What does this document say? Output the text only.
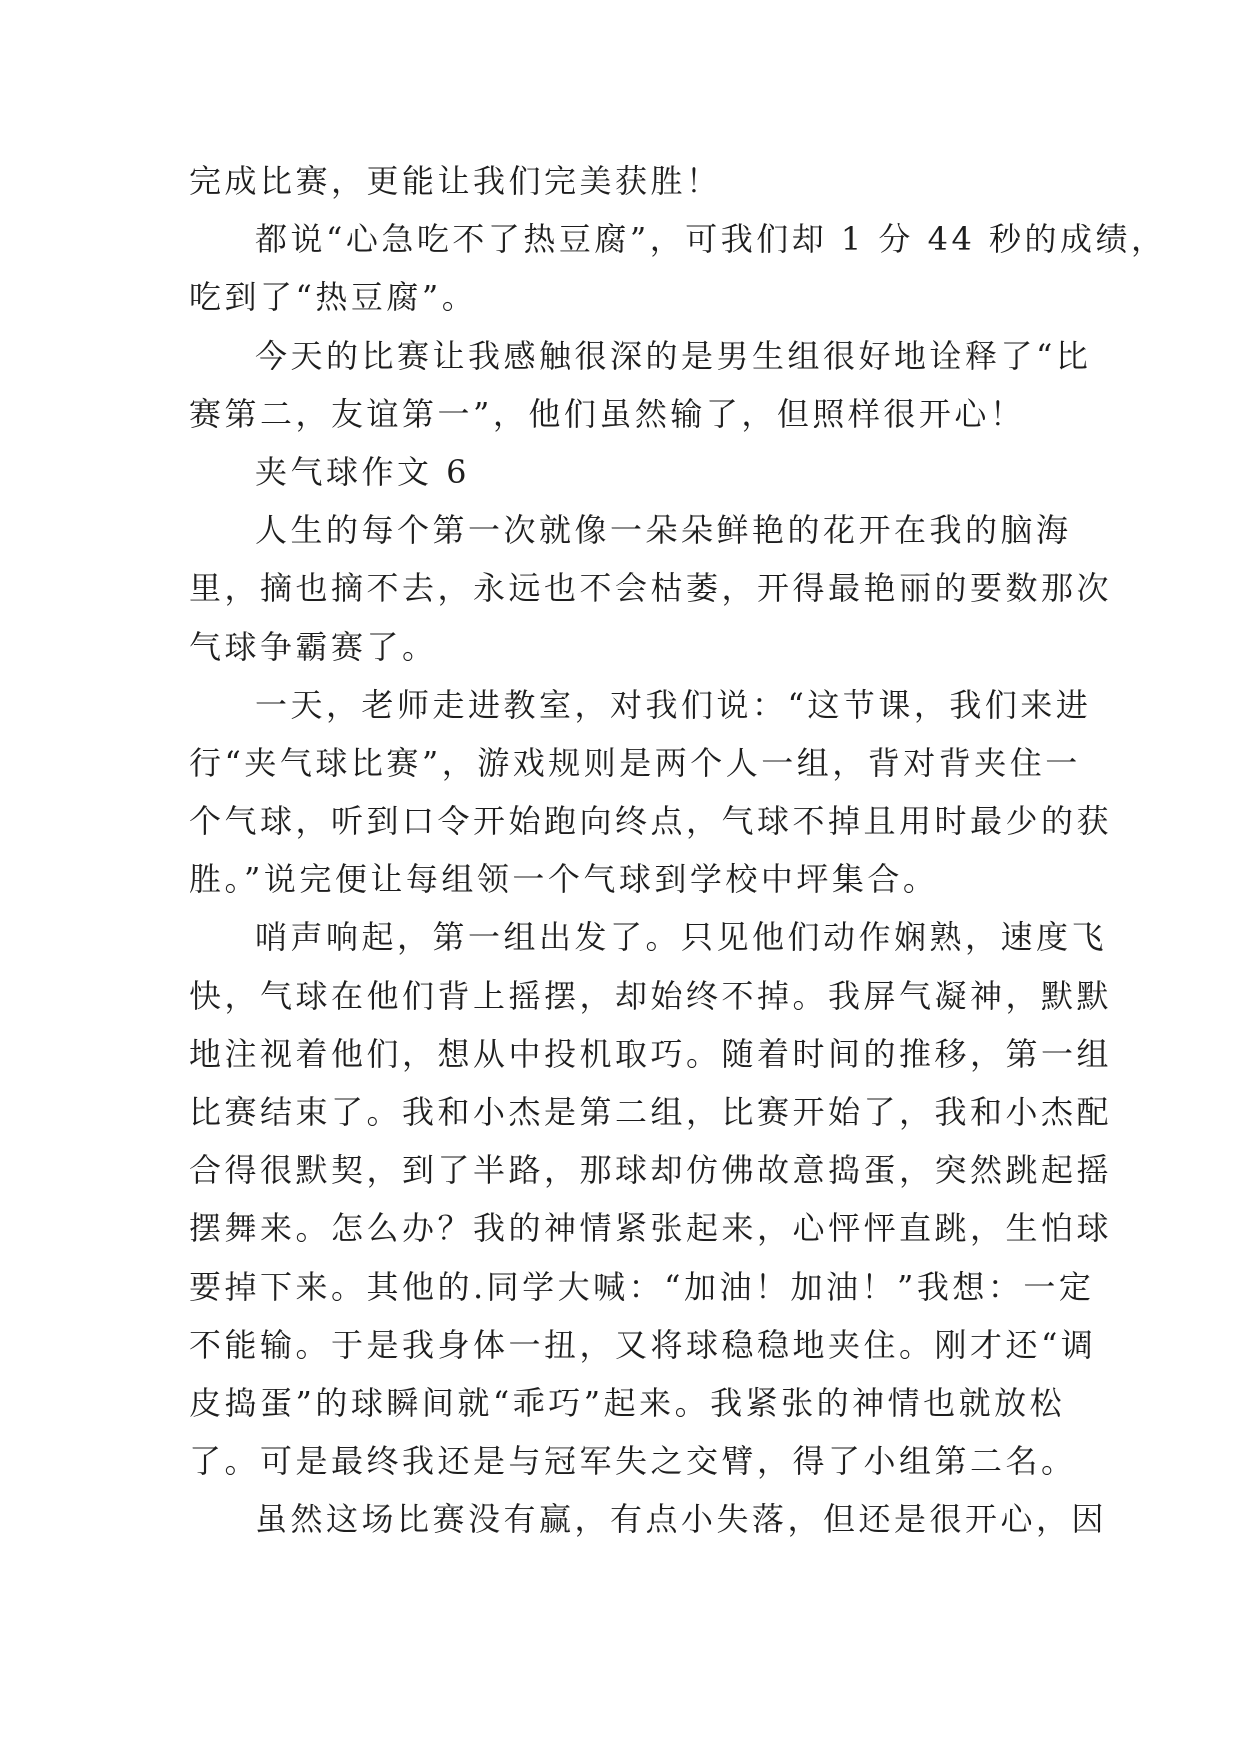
完成比赛，更能让我们完美获胜！
都说“心急吃不了热豆腐”，可我们却 1 分 44 秒的成绩，
吃到了“热豆腐”。
今天的比赛让我感触很深的是男生组很好地诠释了“比
赛第二，友谊第一”，他们虽然输了，但照样很开心！
夹气球作文 6
人生的每个第一次就像一朵朵鲜艳的花开在我的脑海
里，摘也摘不去，永远也不会枯萎，开得最艳丽的要数那次
气球争霸赛了。
一天，老师走进教室，对我们说：“这节课，我们来进
行“夹气球比赛”，游戏规则是两个人一组，背对背夹住一
个气球，听到口令开始跑向终点，气球不掉且用时最少的获
胜。”说完便让每组领一个气球到学校中坪集合。
哨声响起，第一组出发了。只见他们动作娴熟，速度飞
快，气球在他们背上摇摆，却始终不掉。我屏气凝神，默默
地注视着他们，想从中投机取巧。随着时间的推移，第一组
比赛结束了。我和小杰是第二组，比赛开始了，我和小杰配
合得很默契，到了半路，那球却仿佛故意捣蛋，突然跳起摇
摆舞来。怎么办？我的神情紧张起来，心怦怦直跳，生怕球
要掉下来。其他的.同学大喊：“加油！加油！”我想：一定
不能输。于是我身体一扭，又将球稳稳地夹住。刚才还“调
皮捣蛋”的球瞬间就“乖巧”起来。我紧张的神情也就放松
了。可是最终我还是与冠军失之交臂，得了小组第二名。
虽然这场比赛没有赢，有点小失落，但还是很开心，因
